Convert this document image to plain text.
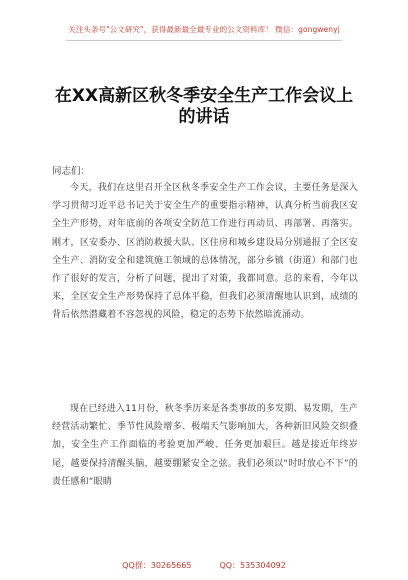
关注头条号"公文研究"，获得最新最全最专业的公文资料库！ 微信：gongwenyj
在XX高新区秋冬季安全生产工作会议上
的讲话
同志们：

今天，我们在这里召开全区秋冬季安全生产工作会议，主要任务是深入学习贯彻习近平总书记关于安全生产的重要指示精神，认真分析当前我区安全生产形势，对年底前的各项安全防范工作进行再动员、再部署、再落实。刚才，区安委办、区消防救援大队、区住房和城乡建设局分别通报了全区安全生产、消防安全和建筑施工领域的总体情况，部分乡镇（街道）和部门也作了很好的发言，分析了问题，提出了对策，我都同意。总的来看，今年以来，全区安全生产形势保持了总体平稳，但我们必须清醒地认识到，成绩的背后依然潜藏着不容忽视的风险，稳定的态势下依然暗流涌动。

现在已经进入11月份，秋冬季历来是各类事故的多发期、易发期，生产经营活动繁忙、季节性风险增多、极端天气影响加大，各种新旧风险交织叠加，安全生产工作面临的考验更加严峻、任务更加艰巨。越是接近年终岁尾，越要保持清醒头脑，越要绷紧安全之弦。我们必须以“时时放心不下”的责任感和“眼睛

QQ群：30265665	QQ：535304092
